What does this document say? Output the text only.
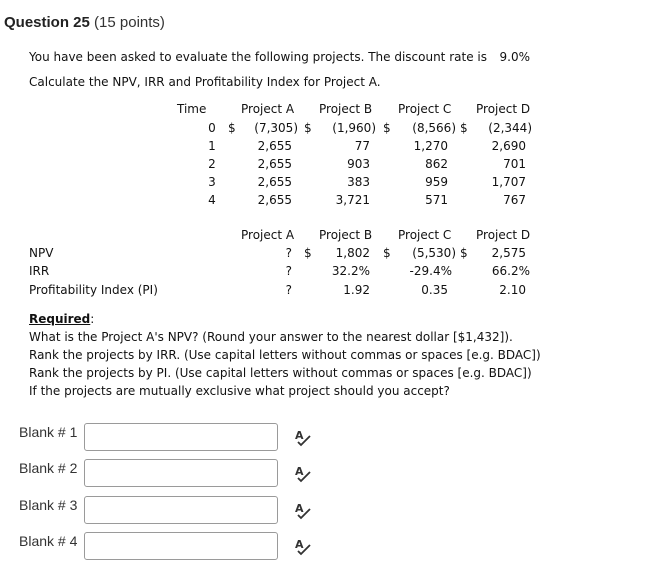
Question 25 (15 points)
You have been asked to evaluate the following projects. The discount rate is	9.0%
Calculate the NPV, IRR and Profitability Index for Project A.
Time	Project A Project B Project C Project D
0 $	(7,305) $	(1,960) $	(8,566) $	(2,344)
1	2,655	77	1,270	2,690
2	2,655	903	862	701
3	2,655	383	959	1,707
4	2,655	3,721	571	767
Project A Project B Project C Project D
NPV	? $	1,802 $	(5,530) $	2,575
IRR	?	32.2%	-29.4%	66.2%
Profitability Index (PI)	?	1.92	0.35	2.10
Required:
What is the Project A's NPV? (Round your answer to the nearest dollar [$1,432]).
Rank the projects by IRR. (Use capital letters without commas or spaces [e.g. BDAC])
Rank the projects by PI. (Use capital letters without commas or spaces [e.g. BDAC])
If the projects are mutually exclusive what project should you accept?
Blank # 1	A
Blank # 2	A
Blank # 3	A
Blank # 4	A
